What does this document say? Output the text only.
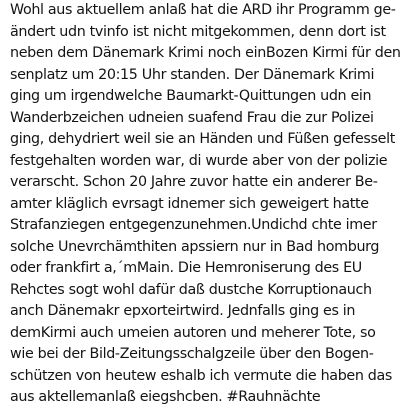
Wohl aus aktuellem anlaß hat die ARD ihr Programm ge-
ändert udn tvinfo ist nicht mitgekommen, denn dort ist
neben dem Dänemark Krimi noch einBozen Kirmi für den
senplatz um 20:15 Uhr standen. Der Dänemark Krimi
ging um irgendwelche Baumarkt-Quittungen udn ein
Wanderbzeichen udneien suafend Frau die zur Polizei
ging, dehydriert weil sie an Händen und Füßen gefesselt
festgehalten worden war, di wurde aber von der polizie
verarscht. Schon 20 Jahre zuvor hatte ein anderer Be-
amter kläglich evrsagt idnemer sich geweigert hatte
Strafanziegen entgegenzunehmen.Undichd chte imer
solche Unevrchämthiten apssiern nur in Bad homburg
oder frankfirt a,´mMain. Die Hemroniserung des EU
Rehctes sogt wohl dafür daß dustche Korruptionauch
anch Dänemakr epxorteirtwird. Jednfalls ging es in
demKirmi auch umeien autoren und meherer Tote, so
wie bei der Bild-Zeitungsschalgzeile über den Bogen-
schützen von heutew eshalb ich vermute die haben das
aus aktellemanlaß eiegshcben. #Rauhnächte
